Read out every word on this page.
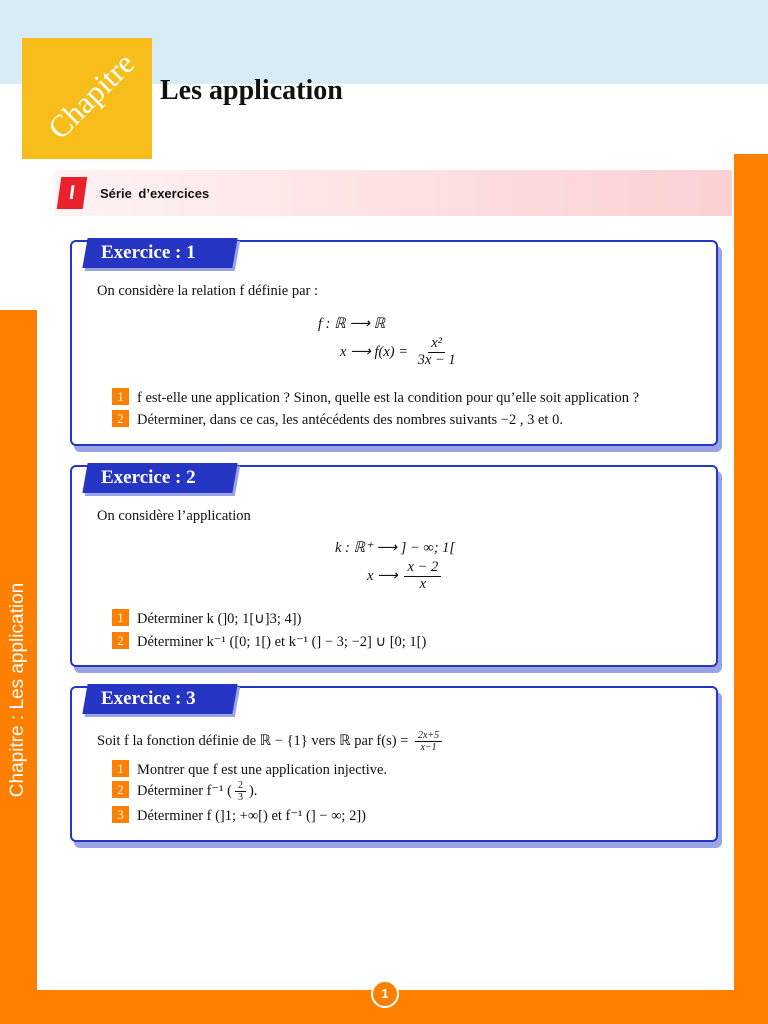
Chapitre Les application
Chapitre : Les application
I	Série d’exercices
Exercice : 1
On considère la relation f définie par :
f : ℝ ⟶ ℝ
x ⟶ $f(x) = \frac{\text{x²}}{3x - 1}$
1 f est-elle une application ? Sinon, quelle est la condition pour qu’elle soit application ?
2 Déterminer, dans ce cas, les antécédents des nombres suivants −2 , 3 et 0.
Exercice : 2
On considère l’application
k : ℝ⁺ ⟶ ] − ∞; 1[
x ⟶ $\frac{x - 2}{x}$
1 Déterminer k (]0; 1[∪]3; 4])
2 Déterminer k⁻¹ ([0; 1[) et k⁻¹ (] − 3; −2] ∪ [0; 1[)
Exercice : 3
Soit f la fonction définie de ℝ − {1} vers ℝ par $f(s) = \frac{2x+5}{x-1}$
1 Montrer que f est une application injective.
2 Déterminer f⁻¹ ( $\frac{2}{3}$ ).
3 Déterminer f (]1; +∞[) et f⁻¹ (] − ∞; 2])
1
